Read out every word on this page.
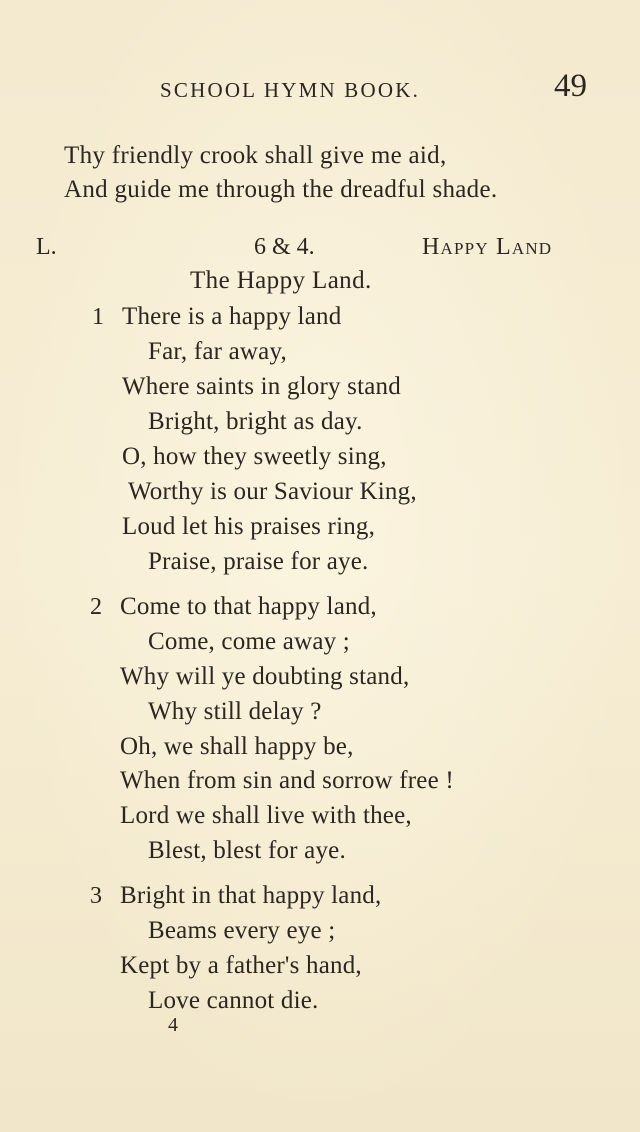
SCHOOL HYMN BOOK.	49
Thy friendly crook shall give me aid,
And guide me through the dreadful shade.
L.	6 & 4.	Happy Land
The Happy Land.
1 There is a happy land
Far, far away,
Where saints in glory stand
Bright, bright as day.
O, how they sweetly sing,
Worthy is our Saviour King,
Loud let his praises ring,
Praise, praise for aye.
2 Come to that happy land,
Come, come away ;
Why will ye doubting stand,
Why still delay ?
Oh, we shall happy be,
When from sin and sorrow free !
Lord we shall live with thee,
Blest, blest for aye.
3 Bright in that happy land,
Beams every eye ;
Kept by a father's hand,
Love cannot die.
4
